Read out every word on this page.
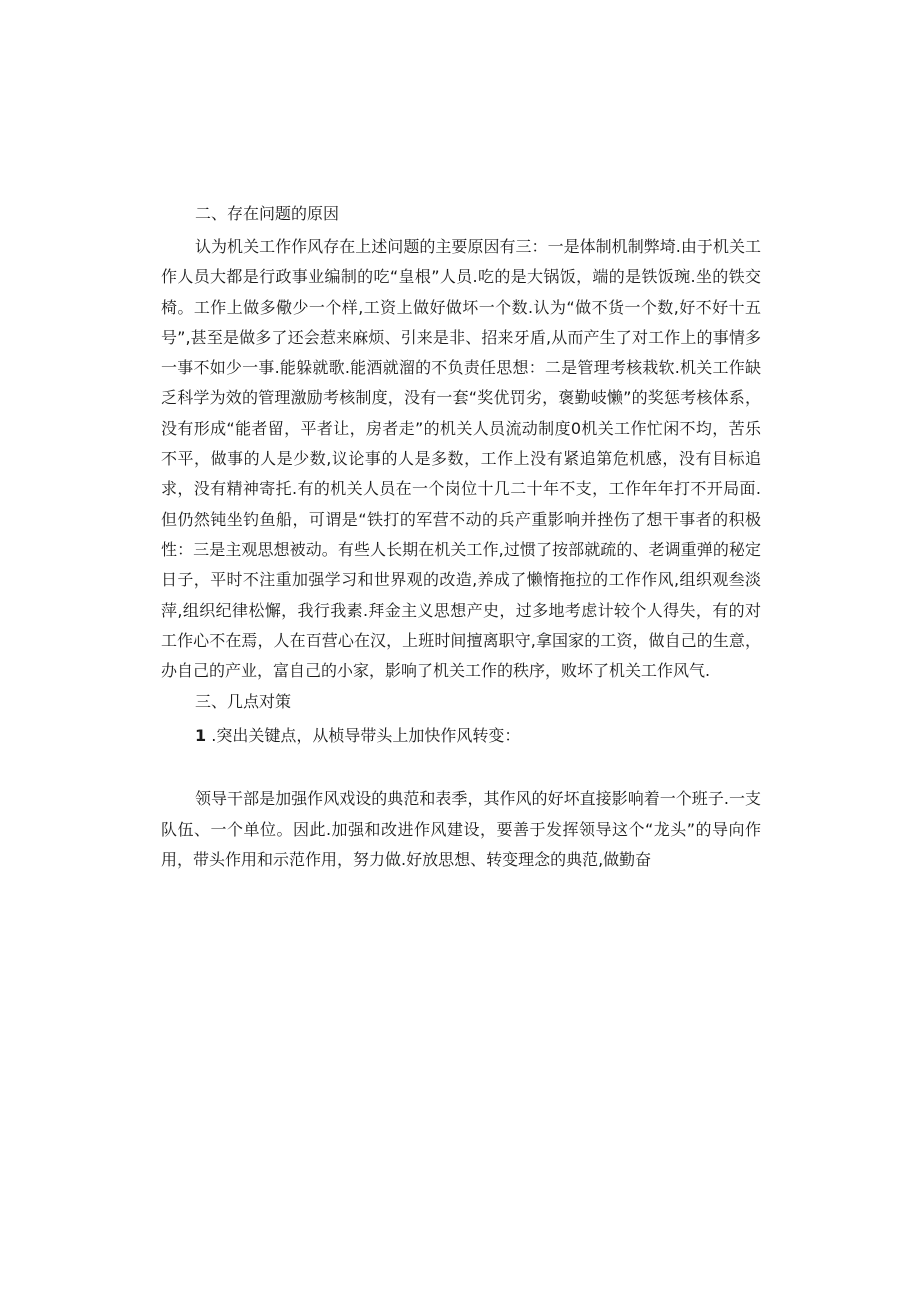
二、存在问题的原因

认为机关工作作风存在上述问题的主要原因有三：一是体制机制弊埼.由于机关工作人员大都是行政事业编制的吃“皇根”人员.吃的是大锅饭，端的是铁饭琬.坐的铁交椅。工作上做多儆少一个样,工资上做好做坏一个数.认为“做不货一个数,好不好十五号”,甚至是做多了还会惹来麻烦、引来是非、招来牙盾,从而产生了对工作上的事情多一事不如少一事.能躲就歌.能酒就溜的不负责任思想：二是管理考核栽软.机关工作缺乏科学为效的管理激励考核制度，没有一套“奖优罚劣，褒勤岐懒”的奖惩考核体系，没有形成“能者留，平者让，房者走”的机关人员流动制度0机关工作忙闲不均，苦乐不平，做事的人是少数,议论事的人是多数，工作上没有紧追第危机感，没有目标追求，没有精神寄托.有的机关人员在一个岗位十几二十年不支，工作年年打不开局面.但仍然钝坐钓鱼船，可谓是“铁打的军营不动的兵产重影响并挫伤了想干事者的积极性：三是主观思想被动。有些人长期在机关工作,过惯了按部就疏的、老调重弹的秘定日子，平时不注重加强学习和世界观的改造,养成了懒惰拖拉的工作作风,组织观叁淡萍,组织纪律松懈，我行我素.拜金主义思想产史，过多地考虑计较个人得失，有的对工作心不在焉，人在百营心在汉，上班时间擅离职守,拿国家的工资，做自己的生意，办自己的产业，富自己的小家，影响了机关工作的秩序，败坏了机关工作风气.

三、几点对策

1 .突出关键点，从桢导带头上加快作风转变：

领导干部是加强作风戏设的典范和表季，其作风的好坏直接影响着一个班子.一支队伍、一个单位。因此.加强和改进作风建设，要善于发挥领导这个“龙头”的导向作用，带头作用和示范作用，努力做.好放思想、转变理念的典范,做勤奋
